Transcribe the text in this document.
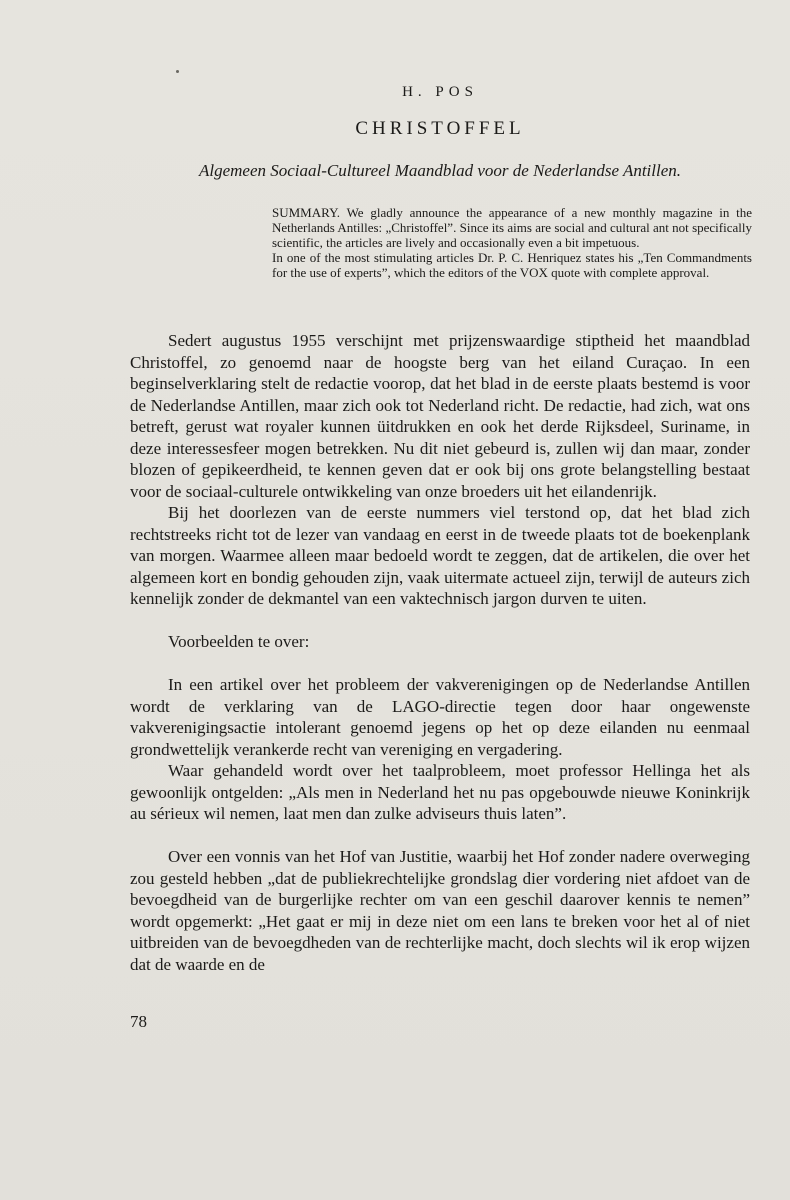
H. POS
CHRISTOFFEL
Algemeen Sociaal-Cultureel Maandblad voor de Nederlandse Antillen.

SUMMARY. We gladly announce the appearance of a new monthly magazine in the Netherlands Antilles: „Christoffel”. Since its aims are social and cultural ant not specifically scientific, the articles are lively and occasionally even a bit impetuous.

In one of the most stimulating articles Dr. P. C. Henriquez states his „Ten Commandments for the use of experts”, which the editors of the VOX quote with complete approval.

Sedert augustus 1955 verschijnt met prijzenswaardige stiptheid het maandblad Christoffel, zo genoemd naar de hoogste berg van het eiland Curaçao. In een beginselverklaring stelt de redactie voorop, dat het blad in de eerste plaats bestemd is voor de Nederlandse Antillen, maar zich ook tot Nederland richt. De redactie, had zich, wat ons betreft, gerust wat royaler kunnen üitdrukken en ook het derde Rijksdeel, Suriname, in deze interessesfeer mogen betrekken. Nu dit niet gebeurd is, zullen wij dan maar, zonder blozen of gepikeerdheid, te kennen geven dat er ook bij ons grote belangstelling bestaat voor de sociaal-culturele ontwikkeling van onze broeders uit het eilandenrijk.

Bij het doorlezen van de eerste nummers viel terstond op, dat het blad zich rechtstreeks richt tot de lezer van vandaag en eerst in de tweede plaats tot de boekenplank van morgen. Waarmee alleen maar bedoeld wordt te zeggen, dat de artikelen, die over het algemeen kort en bondig gehouden zijn, vaak uitermate actueel zijn, terwijl de auteurs zich kennelijk zonder de dekmantel van een vaktechnisch jargon durven te uiten.

Voorbeelden te over:

In een artikel over het probleem der vakverenigingen op de Nederlandse Antillen wordt de verklaring van de LAGO-directie tegen door haar ongewenste vakverenigingsactie intolerant genoemd jegens op het op deze eilanden nu eenmaal grondwettelijk verankerde recht van vereniging en vergadering.

Waar gehandeld wordt over het taalprobleem, moet professor Hellinga het als gewoonlijk ontgelden: „Als men in Nederland het nu pas opgebouwde nieuwe Koninkrijk au sérieux wil nemen, laat men dan zulke adviseurs thuis laten”.

Over een vonnis van het Hof van Justitie, waarbij het Hof zonder nadere overweging zou gesteld hebben „dat de publiekrechtelijke grondslag dier vordering niet afdoet van de bevoegdheid van de burgerlijke rechter om van een geschil daarover kennis te nemen” wordt opgemerkt: „Het gaat er mij in deze niet om een lans te breken voor het al of niet uitbreiden van de bevoegdheden van de rechterlijke macht, doch slechts wil ik erop wijzen dat de waarde en de

78
